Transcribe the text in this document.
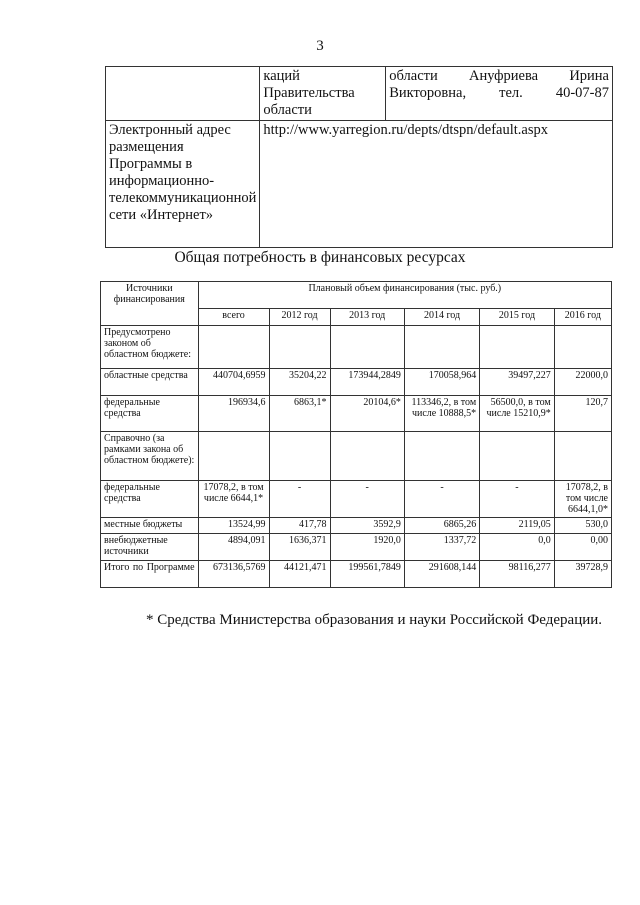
3
	каций Правительства области	области Ануфриева Ирина Викторовна, тел. 40-07-87
Электронный адрес размещения Программы в информационно-телекоммуникационной сети «Интернет»	http://www.yarregion.ru/depts/dtspn/default.aspx	
Общая потребность в финансовых ресурсах
Источники финансирования	Плановый объем финансирования (тыс. руб.)					
	всего	2012 год	2013 год	2014 год	2015 год	2016 год
Предусмотрено законом об областном бюджете:						
областные средства	440704,6959	35204,22	173944,2849	170058,964	39497,227	22000,0
федеральные средства	196934,6	6863,1*	20104,6*	113346,2, в том числе 10888,5*	56500,0, в том числе 15210,9*	120,7
Справочно (за рамками закона об областном бюджете):						
федеральные средства	17078,2, в том числе 6644,1*	-	-	-	-	17078,2, в том числе 6644,1,0*
местные бюджеты	13524,99	417,78	3592,9	6865,26	2119,05	530,0
внебюджетные источники	4894,091	1636,371	1920,0	1337,72	0,0	0,00
Итого по Программе	673136,5769	44121,471	199561,7849	291608,144	98116,277	39728,9
* Средства Министерства образования и науки Российской Федерации.
